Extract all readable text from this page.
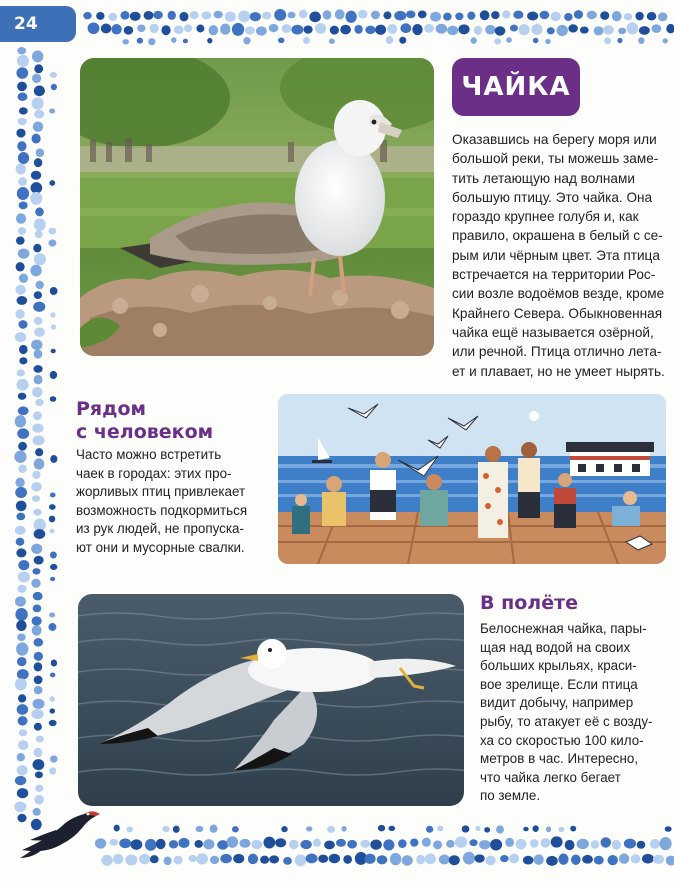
24
ЧАЙКА

Оказавшись на берегу моря или

большой реки, ты можешь заме-

тить летающую над волнами

большую птицу. Это чайка. Она

гораздо крупнее голубя и, как

правило, окрашена в белый с се-

рым или чёрным цвет. Эта птица

встречается на территории Рос-

сии возле водоёмов везде, кроме

Крайнего Севера. Обыкновенная

чайка ещё называется озёрной,

или речной. Птица отлично лета-

ет и плавает, но не умеет нырять.

Рядом
с человеком

Часто можно встретить

чаек в городах: этих про-

жорливых птиц привлекает

возможность подкормиться

из рук людей, не пропуска-

ют они и мусорные свалки.

В полёте

Белоснежная чайка, пары-

щая над водой на своих

больших крыльях, краси-

вое зрелище. Если птица

видит добычу, например

рыбу, то атакует её с возду-

ха со скоростью 100 кило-

метров в час. Интересно,

что чайка легко бегает

по земле.
